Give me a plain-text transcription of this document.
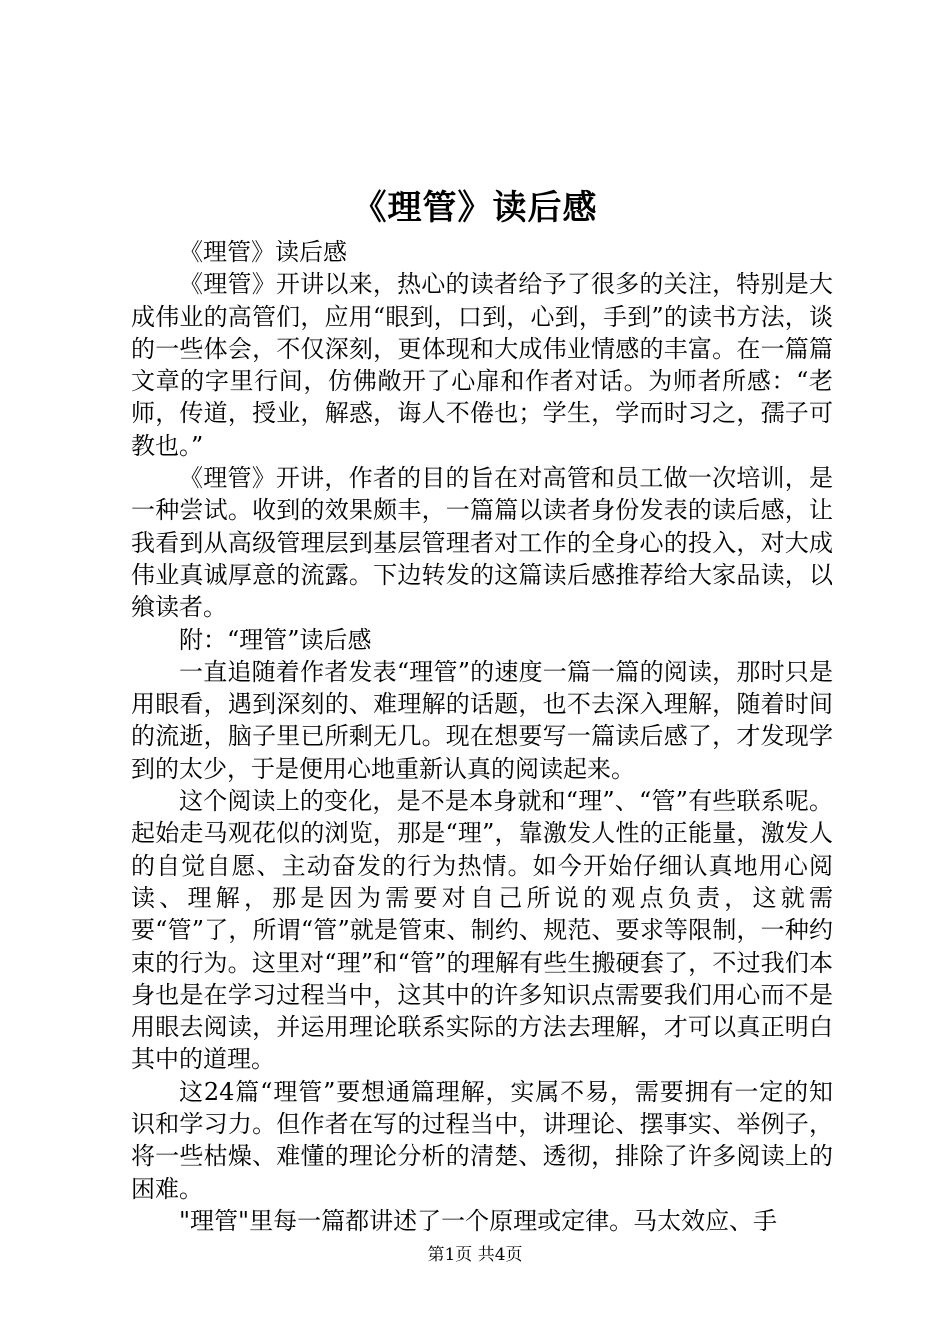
《理管》读后感

《理管》读后感

《理管》开讲以来，热心的读者给予了很多的关注，特别是大成伟业的高管们，应用“眼到，口到，心到，手到”的读书方法，谈的一些体会，不仅深刻，更体现和大成伟业情感的丰富。在一篇篇文章的字里行间，仿佛敞开了心扉和作者对话。为师者所感：“老师，传道，授业，解惑，诲人不倦也；学生，学而时习之，孺子可教也。”

《理管》开讲，作者的目的旨在对高管和员工做一次培训，是一种尝试。收到的效果颇丰，一篇篇以读者身份发表的读后感，让我看到从高级管理层到基层管理者对工作的全身心的投入，对大成伟业真诚厚意的流露。下边转发的这篇读后感推荐给大家品读，以飨读者。

附：“理管”读后感

一直追随着作者发表“理管”的速度一篇一篇的阅读，那时只是用眼看，遇到深刻的、难理解的话题，也不去深入理解，随着时间的流逝，脑子里已所剩无几。现在想要写一篇读后感了，才发现学到的太少，于是便用心地重新认真的阅读起来。

这个阅读上的变化，是不是本身就和“理”、“管”有些联系呢。起始走马观花似的浏览，那是“理”，靠激发人性的正能量，激发人的自觉自愿、主动奋发的行为热情。如今开始仔细认真地用心阅读、理解，那是因为需要对自己所说的观点负责，这就需要“管”了，所谓“管”就是管束、制约、规范、要求等限制，一种约束的行为。这里对“理”和“管”的理解有些生搬硬套了，不过我们本身也是在学习过程当中，这其中的许多知识点需要我们用心而不是用眼去阅读，并运用理论联系实际的方法去理解，才可以真正明白其中的道理。

这24篇“理管”要想通篇理解，实属不易，需要拥有一定的知识和学习力。但作者在写的过程当中，讲理论、摆事实、举例子，将一些枯燥、难懂的理论分析的清楚、透彻，排除了许多阅读上的困难。

"理管"里每一篇都讲述了一个原理或定律。马太效应、手

第1页 共4页
